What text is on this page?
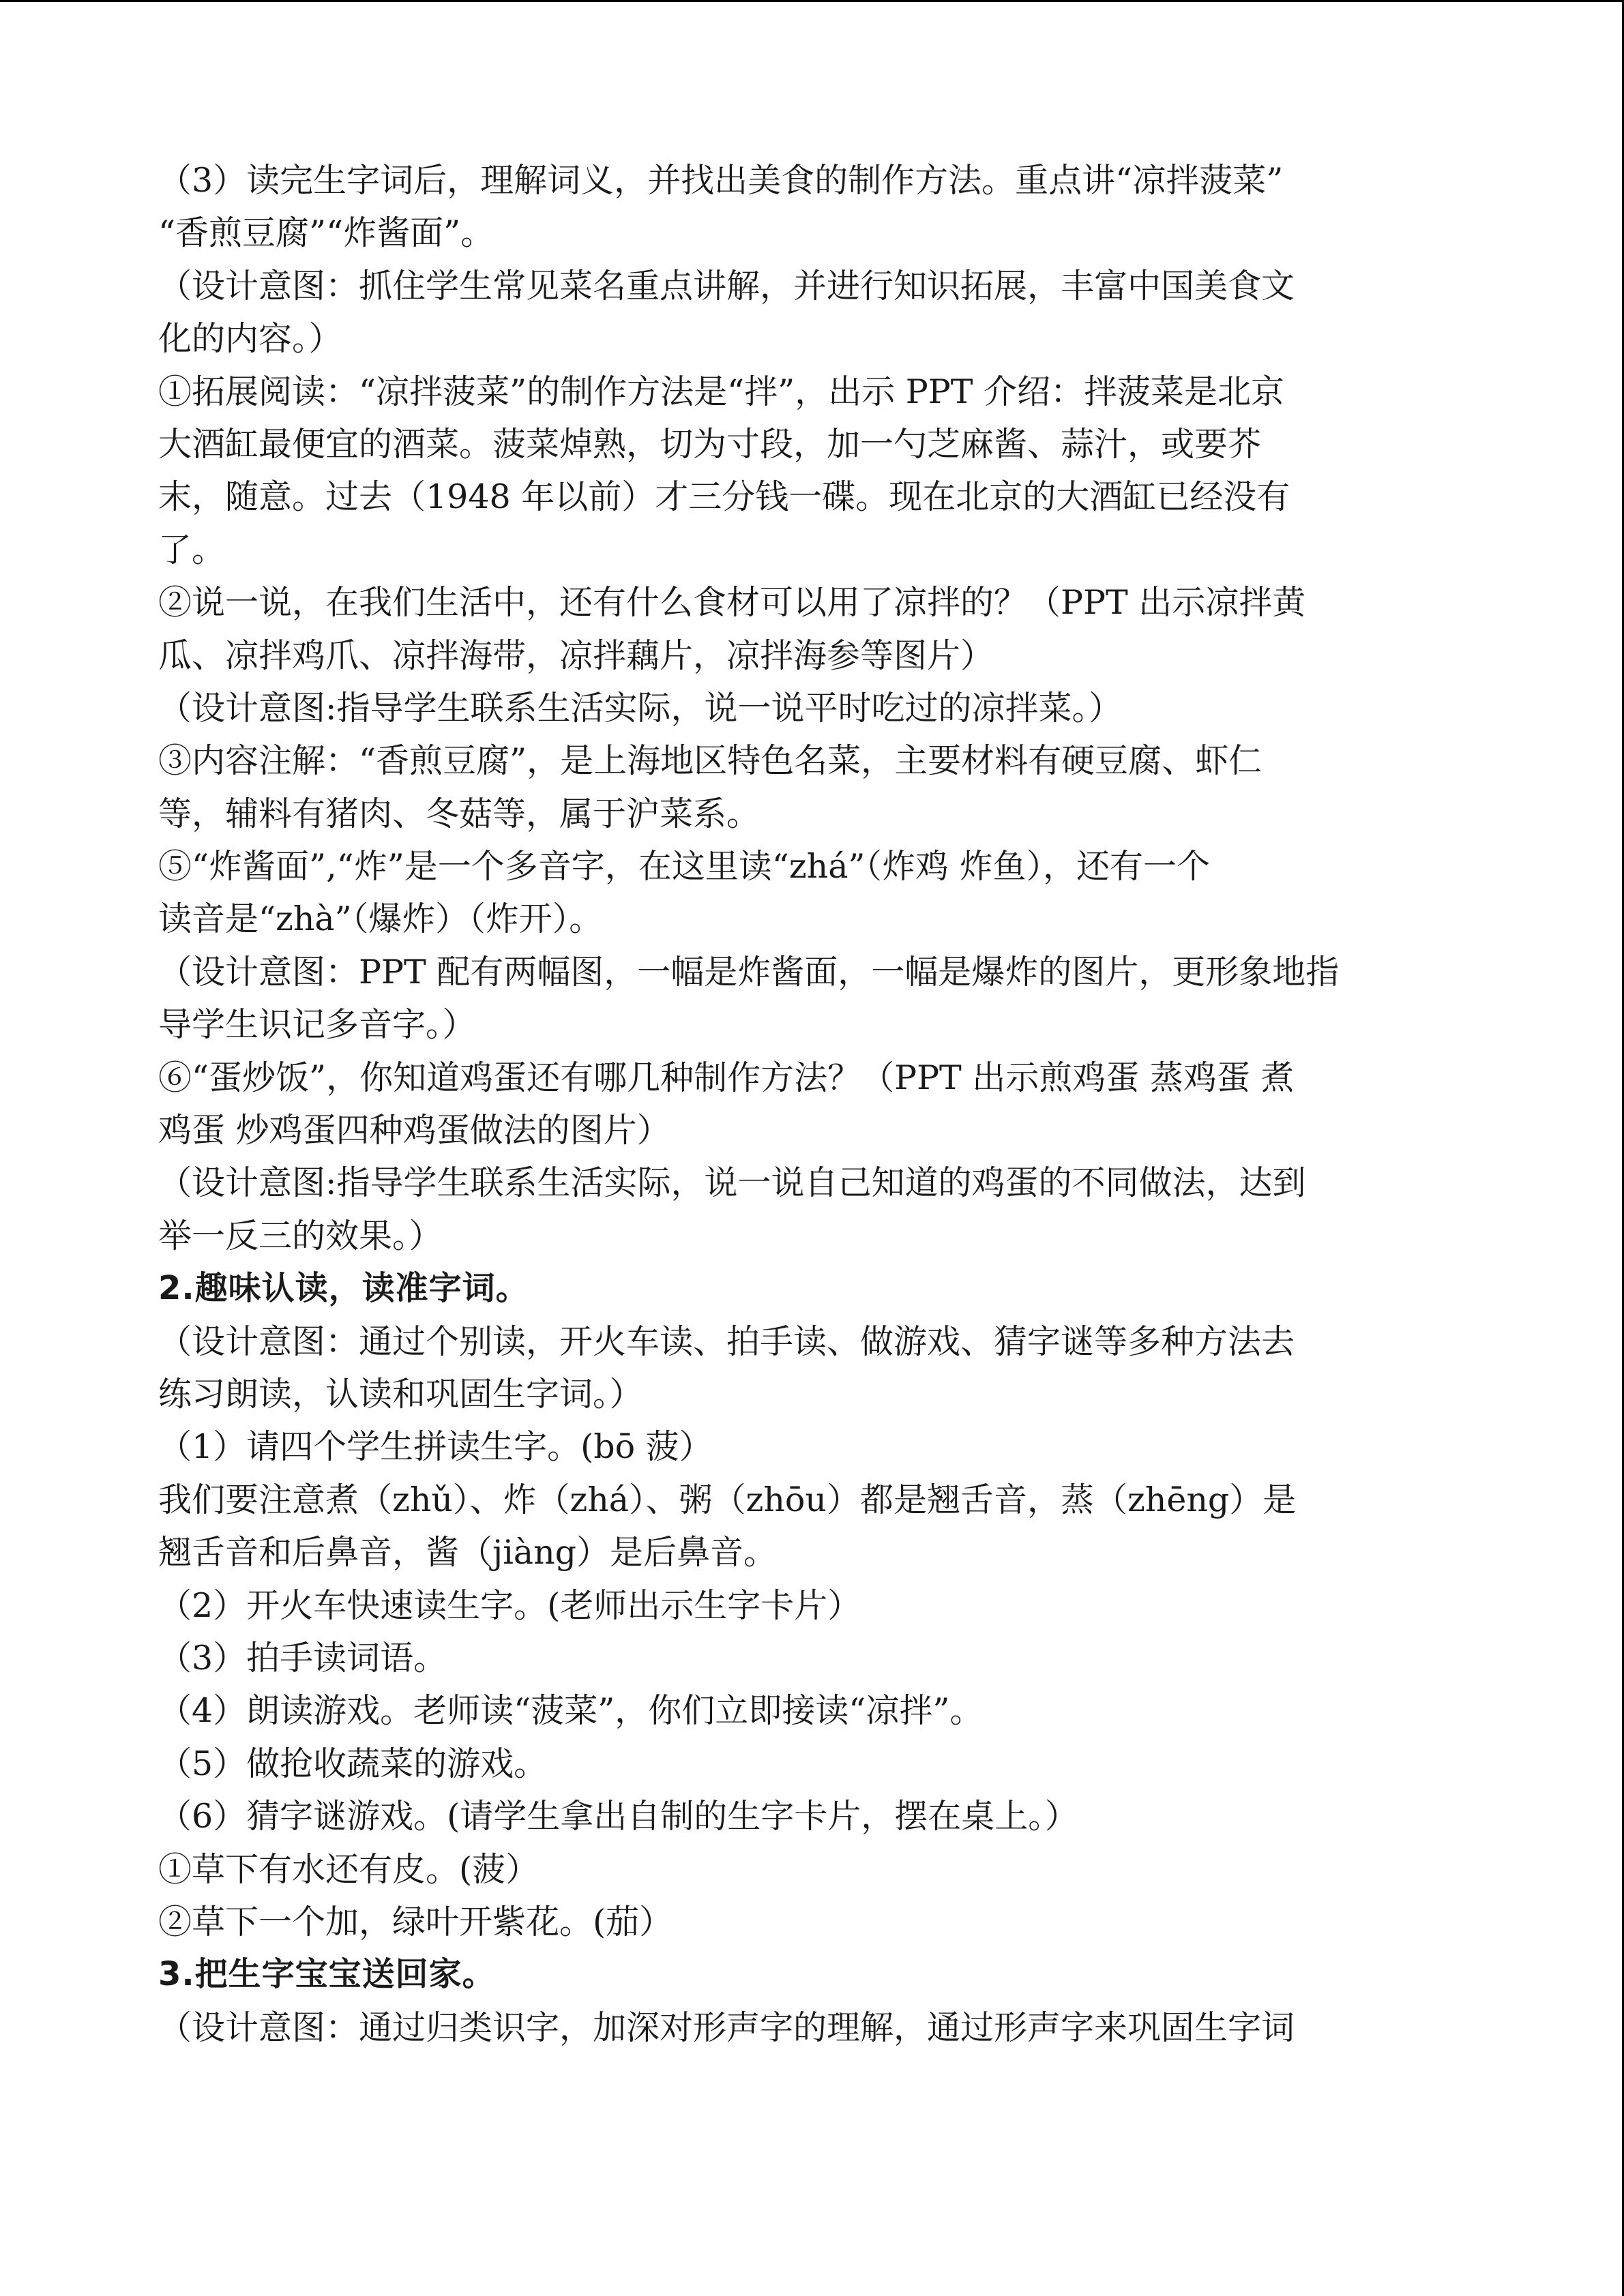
（3）读完生字词后，理解词义，并找出美食的制作方法。重点讲“凉拌菠菜”
“香煎豆腐”“炸酱面”。
（设计意图：抓住学生常见菜名重点讲解，并进行知识拓展，丰富中国美食文
化的内容。）
①拓展阅读：“凉拌菠菜”的制作方法是“拌”，出示 PPT 介绍：拌菠菜是北京
大酒缸最便宜的酒菜。菠菜焯熟，切为寸段，加一勺芝麻酱、蒜汁，或要芥
末，随意。过去（1948 年以前）才三分钱一碟。现在北京的大酒缸已经没有
了。
②说一说，在我们生活中，还有什么食材可以用了凉拌的？（PPT 出示凉拌黄
瓜、凉拌鸡爪、凉拌海带，凉拌藕片，凉拌海参等图片）
（设计意图:指导学生联系生活实际，说一说平时吃过的凉拌菜。）
③内容注解：“香煎豆腐”，是上海地区特色名菜，主要材料有硬豆腐、虾仁
等，辅料有猪肉、冬菇等，属于沪菜系。
⑤“炸酱面”,“炸”是一个多音字，在这里读“zhá”（炸鸡 炸鱼），还有一个
读音是“zhà”（爆炸）（炸开）。
（设计意图：PPT 配有两幅图，一幅是炸酱面，一幅是爆炸的图片，更形象地指
导学生识记多音字。）
⑥“蛋炒饭”，你知道鸡蛋还有哪几种制作方法？（PPT 出示煎鸡蛋 蒸鸡蛋 煮
鸡蛋 炒鸡蛋四种鸡蛋做法的图片）
（设计意图:指导学生联系生活实际，说一说自己知道的鸡蛋的不同做法，达到
举一反三的效果。）
2.趣味认读，读准字词。
（设计意图：通过个别读，开火车读、拍手读、做游戏、猜字谜等多种方法去
练习朗读，认读和巩固生字词。）
（1）请四个学生拼读生字。(bō 菠）
我们要注意煮（zhǔ）、炸（zhá）、粥（zhōu）都是翘舌音，蒸（zhēng）是
翘舌音和后鼻音，酱（jiàng）是后鼻音。
（2）开火车快速读生字。(老师出示生字卡片）
（3）拍手读词语。
（4）朗读游戏。老师读“菠菜”，你们立即接读“凉拌”。
（5）做抢收蔬菜的游戏。
（6）猜字谜游戏。(请学生拿出自制的生字卡片，摆在桌上。）
①草下有水还有皮。(菠）
②草下一个加，绿叶开紫花。(茄）
3.把生字宝宝送回家。
（设计意图：通过归类识字，加深对形声字的理解，通过形声字来巩固生字词
